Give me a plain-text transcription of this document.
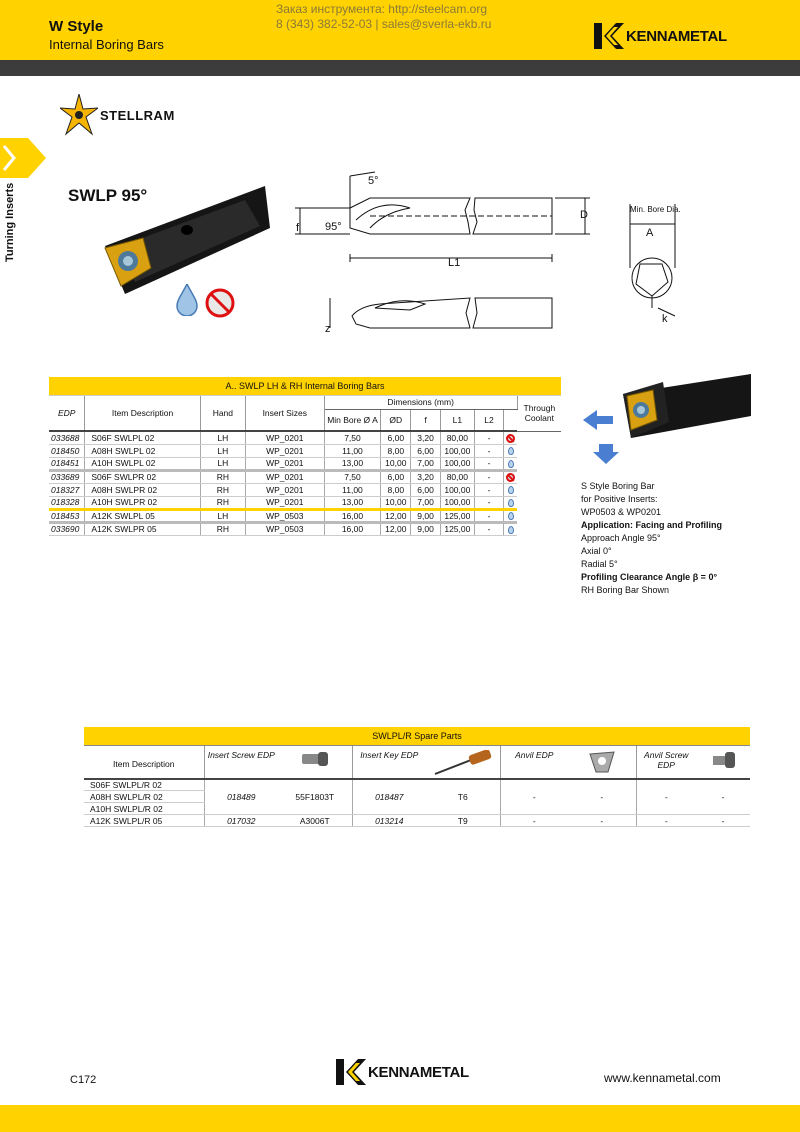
W Style
Internal Boring Bars
Заказ инструмента: http://steelcam.org
8 (343) 382-52-03 | sales@sverla-ekb.ru
KENNAMETAL
Turning Inserts
STELLRAM
SWLP 95°
5°
95°
f
D
L1
z
Min. Bore Dia.
A
k
A.. SWLP LH & RH Internal Boring Bars										
EDP	Item Description	Hand	Insert Sizes	Dimensions (mm)						Through Coolant
				Min Bore Ø A	ØD	f	L1	L2	
033688	S06F SWLPL 02	LH	WP_0201	7,50	6,00	3,20	80,00	-		
018450	A08H SWLPL 02	LH	WP_0201	11,00	8,00	6,00	100,00	-		
018451	A10H SWLPL 02	LH	WP_0201	13,00	10,00	7,00	100,00	-		
033689	S06F SWLPR 02	RH	WP_0201	7,50	6,00	3,20	80,00	-		
018327	A08H SWLPR 02	RH	WP_0201	11,00	8,00	6,00	100,00	-		
018328	A10H SWLPR 02	RH	WP_0201	13,00	10,00	7,00	100,00	-		
018453	A12K SWLPL 05	LH	WP_0503	16,00	12,00	9,00	125,00	-		
033690	A12K SWLPR 05	RH	WP_0503	16,00	12,00	9,00	125,00	-		
S Style Boring Bar
for Positive Inserts:
WP0503 & WP0201
Application: Facing and Profiling
Approach Angle 95°
Axial 0°
Radial 5°
Profiling Clearance Angle β = 0°
RH Boring Bar Shown
SWLPL/R Spare Parts								
Item Description	Insert Screw EDP		Insert Key EDP		Anvil EDP		Anvil Screw EDP	
S06F SWLPL/R 02	018489	55F1803T	018487	T6	-	-	-	-
A08H SWLPL/R 02								
A10H SWLPL/R 02								
A12K SWLPL/R 05	017032	A3006T	013214	T9	-	-	-	-
C172	KENNAMETAL	www.kennametal.com
